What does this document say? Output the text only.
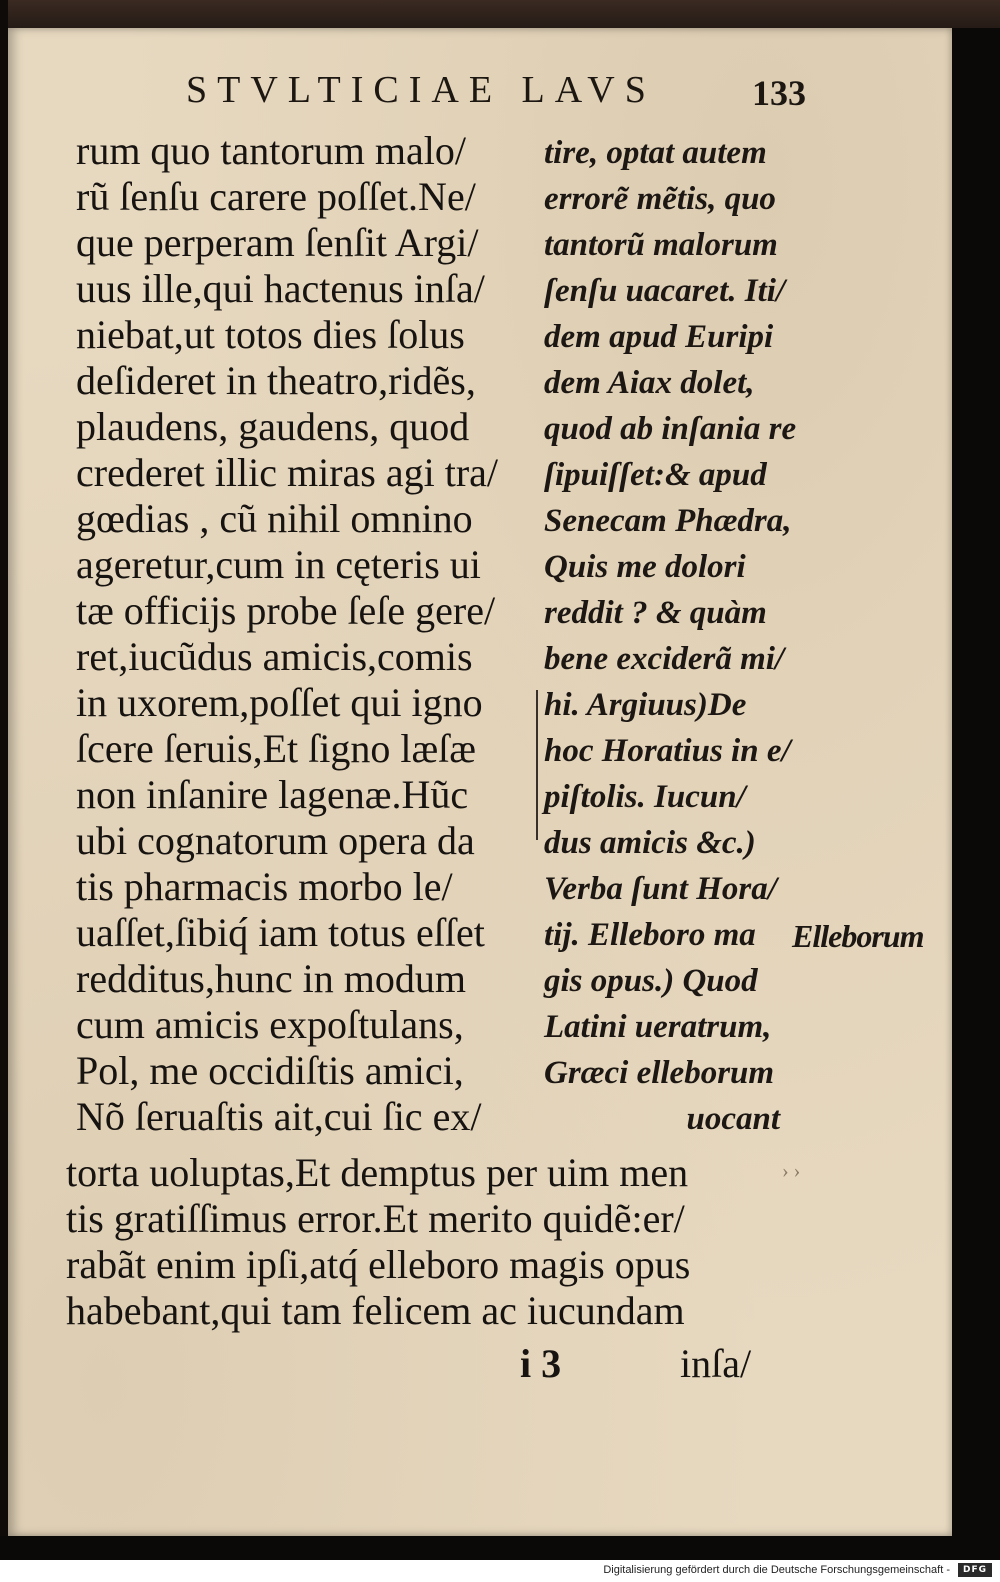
STVLTICIAE LAVS	133
rum quo tantorum malo/
rũ ſenſu carere poſſet.Ne/
que perperam ſenſit Argi/
uus ille,qui hactenus inſa/
niebat,ut totos dies ſolus
deſideret in theatro,ridẽs,
plaudens, gaudens, quod
crederet illic miras agi tra/
gœdias , cũ nihil omnino
ageretur,cum in cęteris ui
tæ officijs probe ſeſe gere/
ret,iucũdus amicis,comis
in uxorem,poſſet qui igno
ſcere ſeruis,Et ſigno læſæ
non inſanire lagenæ.Hũc
ubi cognatorum opera da
tis pharmacis morbo le/
uaſſet,ſibiq́ iam totus eſſet
redditus,hunc in modum
cum amicis expoſtulans,
Pol, me occidiſtis amici,
Nõ ſeruaſtis ait,cui ſic ex/
tire, optat autem
errorẽ mẽtis, quo
tantorũ malorum
ſenſu uacaret. Iti/
dem apud Euripi
dem Aiax dolet,
quod ab inſania re
ſipuiſſet:& apud
Senecam Phædra,
Quis me dolori
reddit ? & quàm
bene exciderã mi/
hi. Argiuus)De
hoc Horatius in e/
piſtolis. Iucun/
dus amicis &c.)
Verba ſunt Hora/
tij. Elleboro ma
gis opus.) Quod
Latini ueratrum,
Græci elleborum
uocant
Elleborum
› ›
torta uoluptas,Et demptus per uim men
tis gratiſſimus error.Et merito quidẽ:er/
rabãt enim ipſi,atq́ elleboro magis opus
habebant,qui tam felicem ac iucundam
i 3	inſa/
Digitalisierung gefördert durch die Deutsche Forschungsgemeinschaft -	DFG
